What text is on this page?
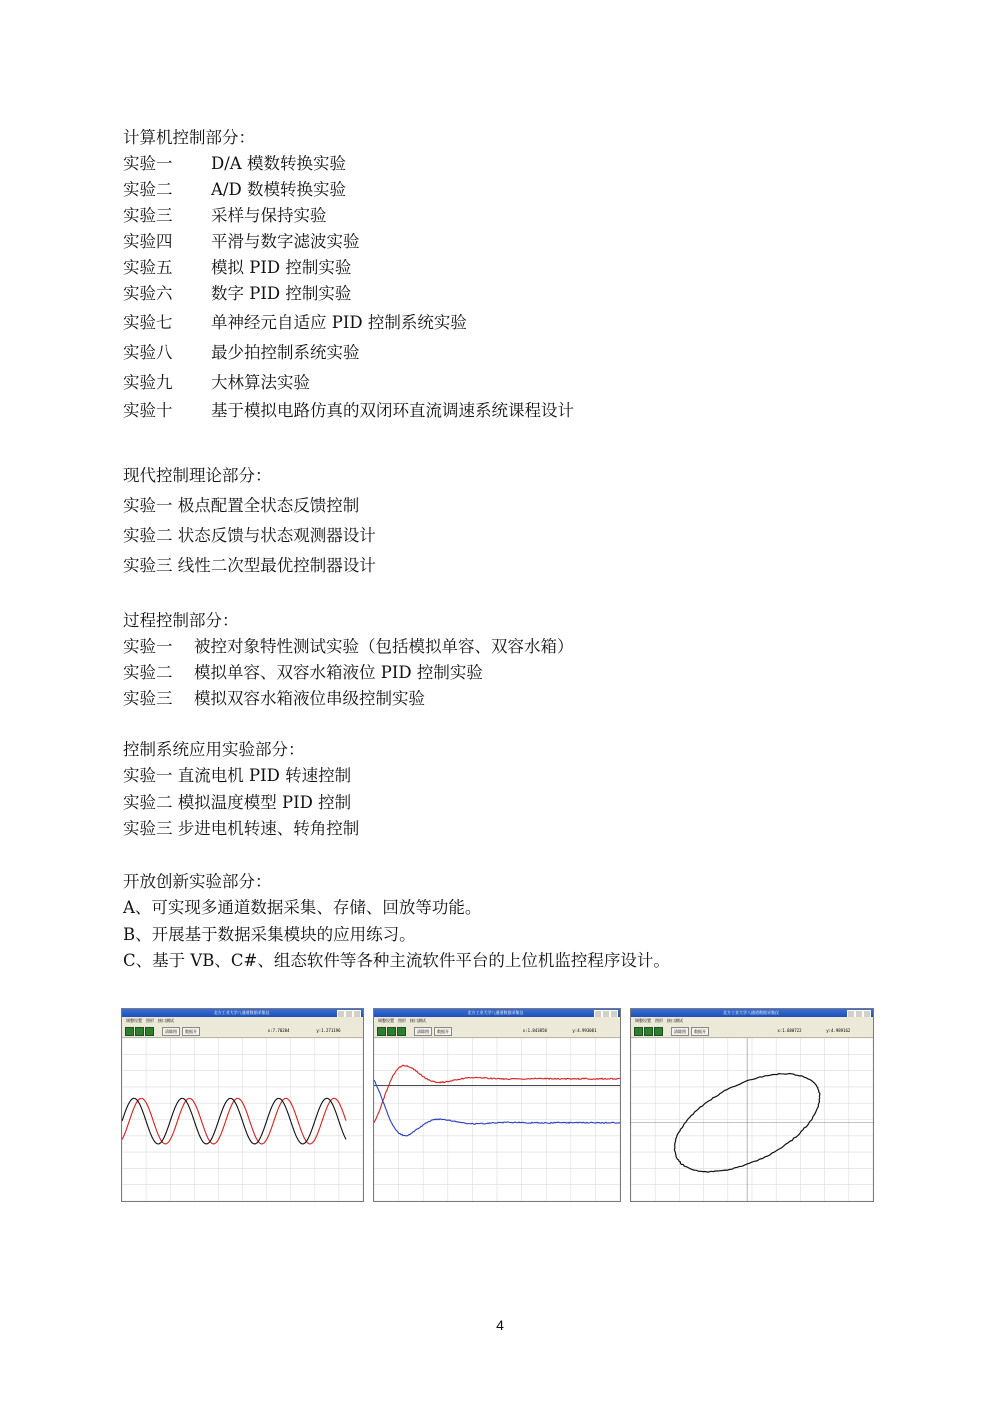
计算机控制部分：
实验一 D/A 模数转换实验
实验二 A/D 数模转换实验
实验三 采样与保持实验
实验四 平滑与数字滤波实验
实验五 模拟 PID 控制实验
实验六 数字 PID 控制实验
实验七 单神经元自适应 PID 控制系统实验
实验八 最少拍控制系统实验
实验九 大林算法实验
实验十 基于模拟电路仿真的双闭环直流调速系统课程设计
现代控制理论部分：
实验一 极点配置全状态反馈控制
实验二 状态反馈与状态观测器设计
实验三 线性二次型最优控制器设计
过程控制部分：
实验一 被控对象特性测试实验（包括模拟单容、双容水箱）
实验二 模拟单容、双容水箱液位 PID 控制实验
实验三 模拟双容水箱液位串级控制实验
控制系统应用实验部分：
实验一 直流电机 PID 转速控制
实验二 模拟温度模型 PID 控制
实验三 步进电机转速、转角控制
开放创新实验部分：
A、可实现多通道数据采集、存储、回放等功能。
B、开展基于数据采集模块的应用练习。
C、基于 VB、C#、组态软件等各种主流软件平台的上位机监控程序设计。
北方工业大学八通道数据采集仪
调整设置 图形 接口测试
清除图	数据开	x:7.70204	y:1.271196
北方工业大学八通道数据采集仪
调整设置 图形 接口测试
清除图	数据开	x:1.843850	y:4.993081
北方工业大学八通道数据采集仪
调整设置 图形 接口测试
清除图	数据开	x:1.680722	y:4.989162
4
